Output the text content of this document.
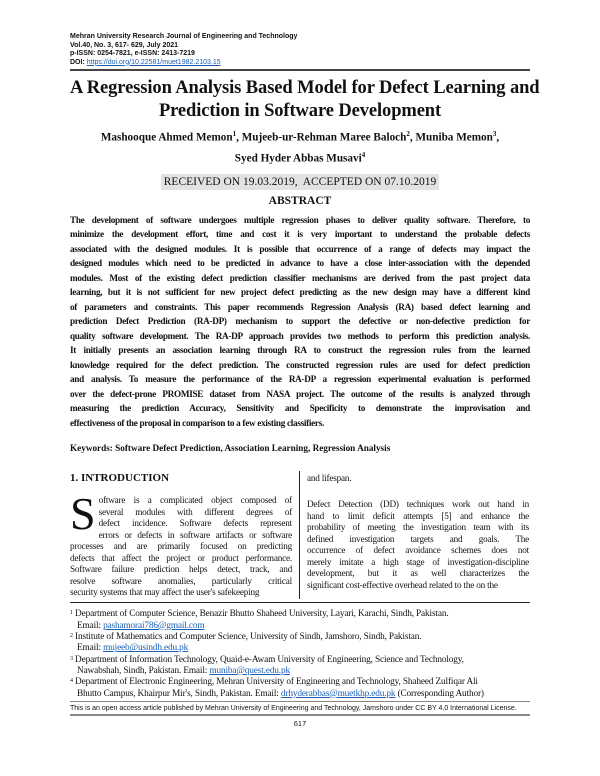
Mehran University Research Journal of Engineering and Technology
Vol.40, No. 3, 617- 629, July 2021
p-ISSN: 0254-7821, e-ISSN: 2413-7219
DOI: https://doi.org/10.22581/muet1982.2103.15
A Regression Analysis Based Model for Defect Learning and
Prediction in Software Development
Mashooque Ahmed Memon$^1$, Mujeeb-ur-Rehman Maree Baloch$^2$, Muniba Memon$^3$,
Syed Hyder Abbas Musavi$^4$
RECEIVED ON 19.03.2019,  ACCEPTED ON 07.10.2019
ABSTRACT
The development of software undergoes multiple regression phases to deliver quality software. Therefore, to
minimize the development effort, time and cost it is very important to understand the probable defects
associated with the designed modules. It is possible that occurrence of a range of defects may impact the
designed modules which need to be predicted in advance to have a close inter-association with the depended
modules. Most of the existing defect prediction classifier mechanisms are derived from the past project data
learning, but it is not sufficient for new project defect predicting as the new design may have a different kind
of parameters and constraints. This paper recommends Regression Analysis (RA) based defect learning and
prediction Defect Prediction (RA-DP) mechanism to support the defective or non-defective prediction for
quality software development. The RA-DP approach provides two methods to perform this prediction analysis.
It initially presents an association learning through RA to construct the regression rules from the learned
knowledge required for the defect prediction. The constructed regression rules are used for defect prediction
and analysis. To measure the performance of the RA-DP a regression experimental evaluation is performed
over the defect-prone PROMISE dataset from NASA project. The outcome of the results is analyzed through
measuring the prediction Accuracy, Sensitivity and Specificity to demonstrate the improvisation and
effectiveness of the proposal in comparison to a few existing classifiers.
Keywords: Software Defect Prediction, Association Learning, Regression Analysis
1. INTRODUCTION
S oftware is a complicated object composed of
several modules with different degrees of
defect incidence. Software defects represent
errors or defects in software artifacts or software
processes and are primarily focused on predicting
defects that affect the project or product performance.
Software failure prediction helps detect, track, and
resolve software anomalies, particularly critical
security systems that may affect the user's safekeeping
and lifespan.
Defect Detection (DD) techniques work out hand in
hand to limit deficit attempts [5] and enhance the
probability of meeting the investigation team with its
defined investigation targets and goals. The
occurrence of defect avoidance schemes does not
merely imitate a high stage of investigation-discipline
development, but it as well characterizes the
significant cost-effective overhead related to the on the
$^1$ Department of Computer Science, Benazir Bhutto Shaheed University, Layari, Karachi, Sindh, Pakistan.
Email: pashamorai786@gmail.com
$^2$ Institute of Mathematics and Computer Science, University of Sindh, Jamshoro, Sindh, Pakistan.
Email: mujeeb@usindh.edu.pk
$^3$ Department of Information Technology, Quaid-e-Awam University of Engineering, Science and Technology,
Nawabshah, Sindh, Pakistan. Email: muniba@quest.edu.pk
$^4$ Department of Electronic Engineering, Mehran University of Engineering and Technology, Shaheed Zulfiqar Ali
Bhutto Campus, Khairpur Mir's, Sindh, Pakistan. Email: drhyderabbas@muetkhp.edu.pk (Corresponding Author)
This is an open access article published by Mehran University of Engineering and Technology, Jamshoro under CC BY 4.0 International License.
617
